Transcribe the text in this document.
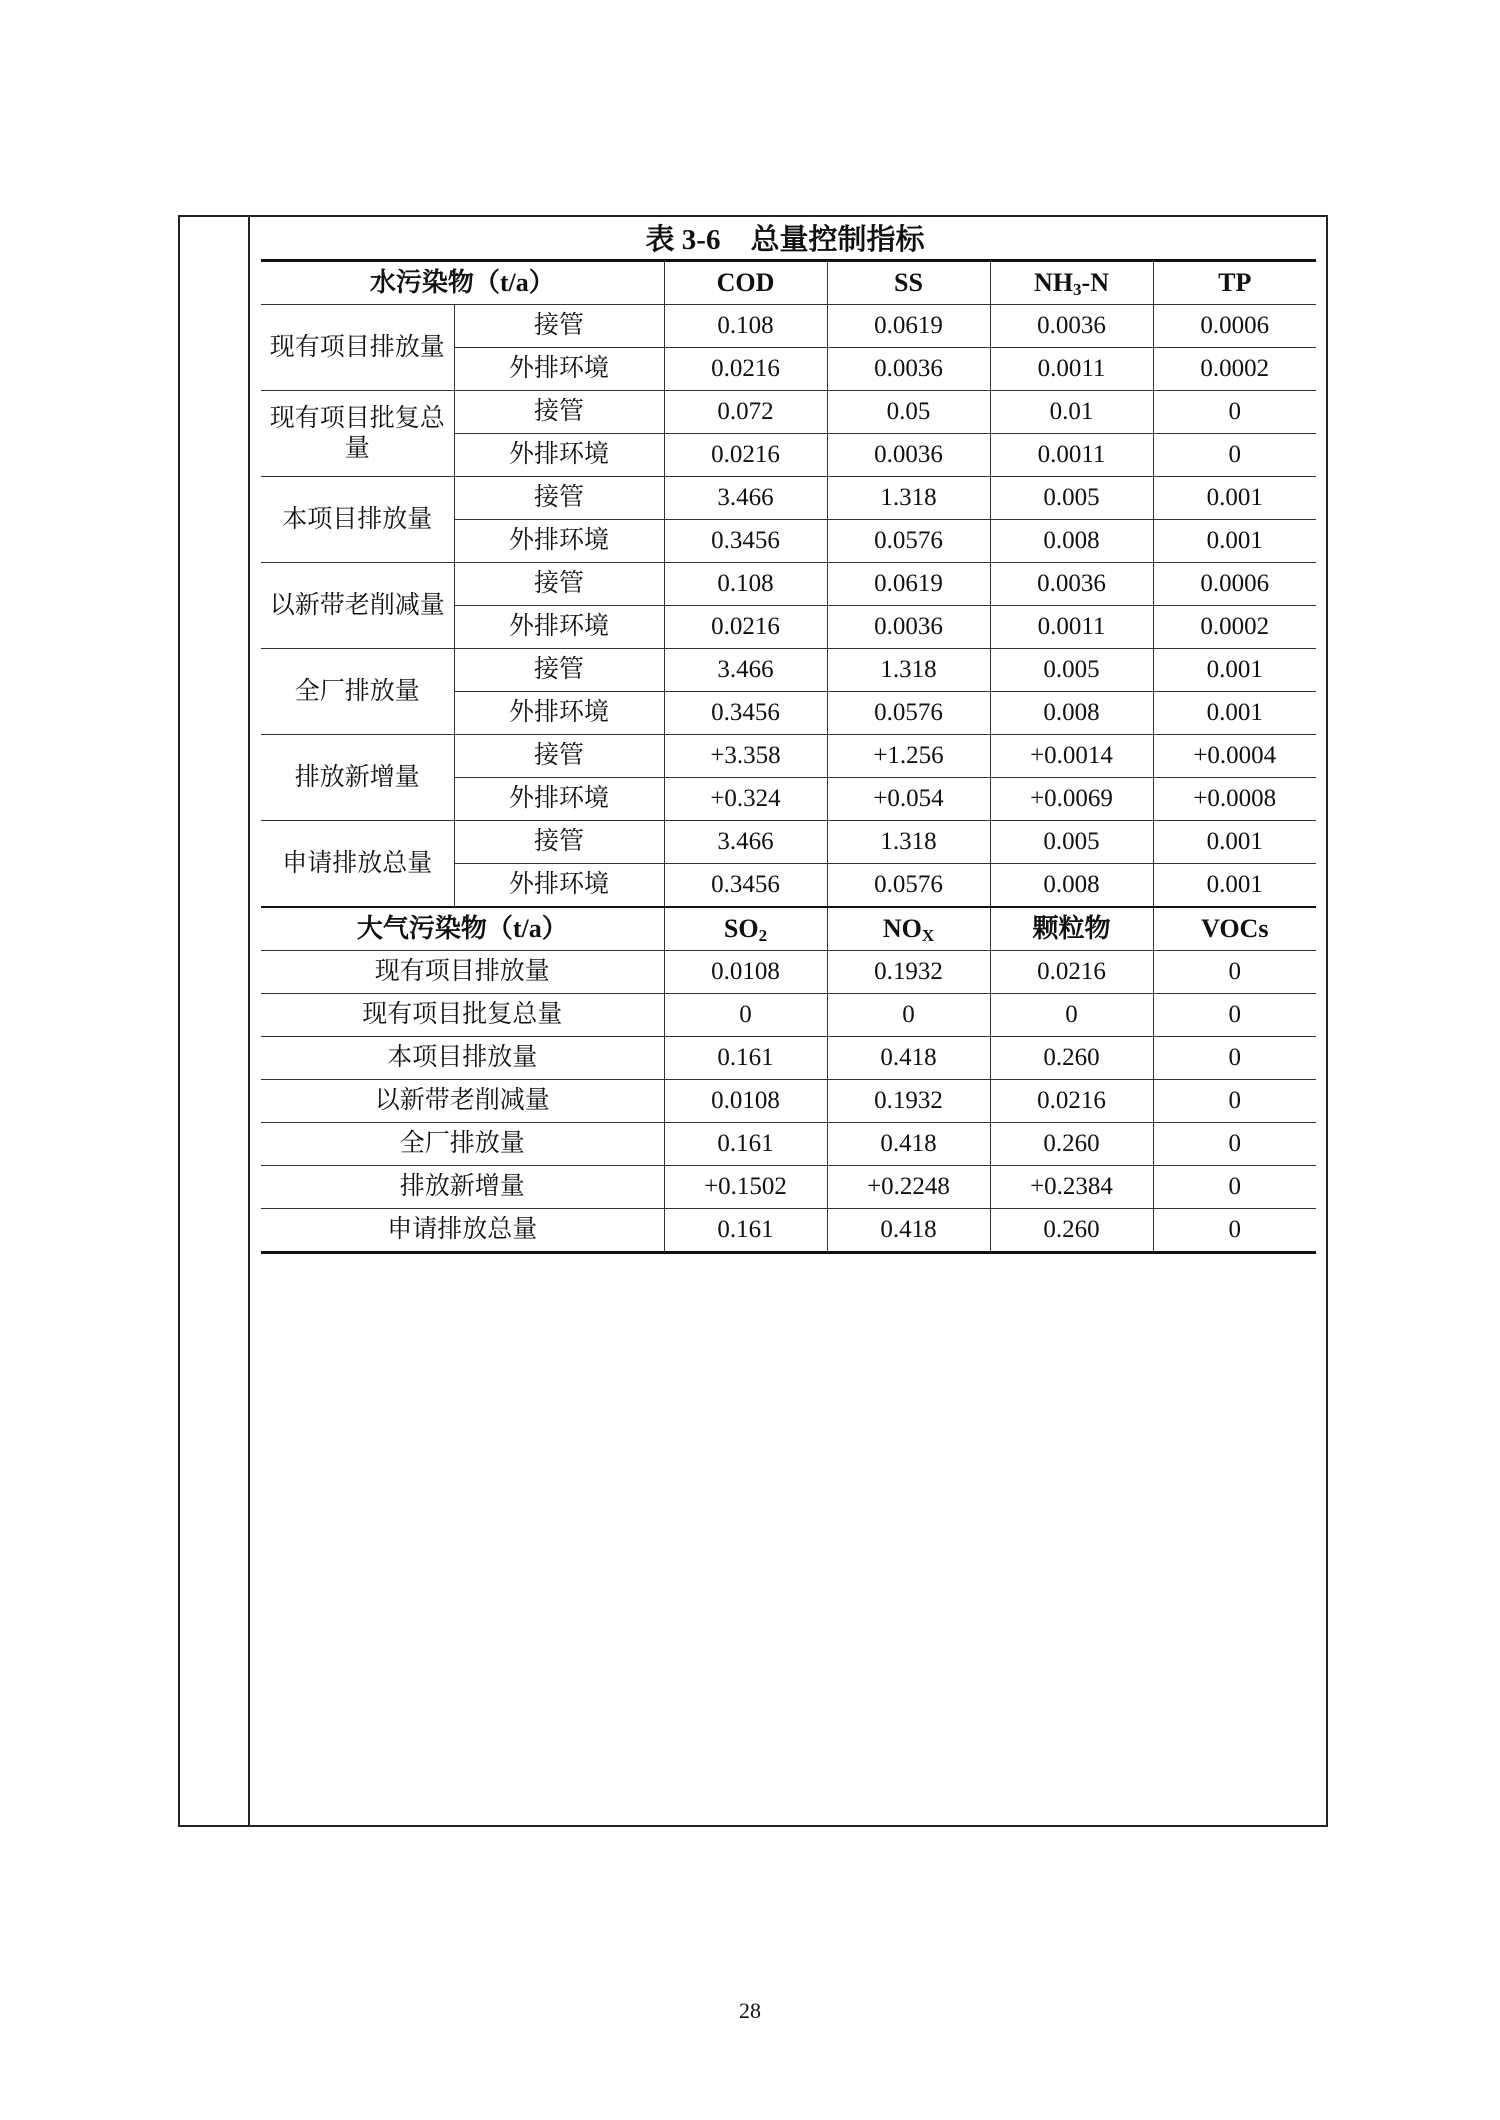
表 3-6 总量控制指标
水污染物（t/a）		COD	SS	$NH_3-N$	TP
现有项目排放量	接管	0.108	0.0619	0.0036	0.0006
	外排环境	0.0216	0.0036	0.0011	0.0002
现有项目批复总量	接管	0.072	0.05	0.01	0
	外排环境	0.0216	0.0036	0.0011	0
本项目排放量	接管	3.466	1.318	0.005	0.001
	外排环境	0.3456	0.0576	0.008	0.001
以新带老削减量	接管	0.108	0.0619	0.0036	0.0006
	外排环境	0.0216	0.0036	0.0011	0.0002
全厂排放量	接管	3.466	1.318	0.005	0.001
	外排环境	0.3456	0.0576	0.008	0.001
排放新增量	接管	+3.358	+1.256	+0.0014	+0.0004
	外排环境	+0.324	+0.054	+0.0069	+0.0008
申请排放总量	接管	3.466	1.318	0.005	0.001
	外排环境	0.3456	0.0576	0.008	0.001
大气污染物（t/a）		$SO_2$	$NO_X$	颗粒物	VOCs
现有项目排放量		0.0108	0.1932	0.0216	0
现有项目批复总量		0	0	0	0
本项目排放量		0.161	0.418	0.260	0
以新带老削减量		0.0108	0.1932	0.0216	0
全厂排放量		0.161	0.418	0.260	0
排放新增量		+0.1502	+0.2248	+0.2384	0
申请排放总量		0.161	0.418	0.260	0
28
